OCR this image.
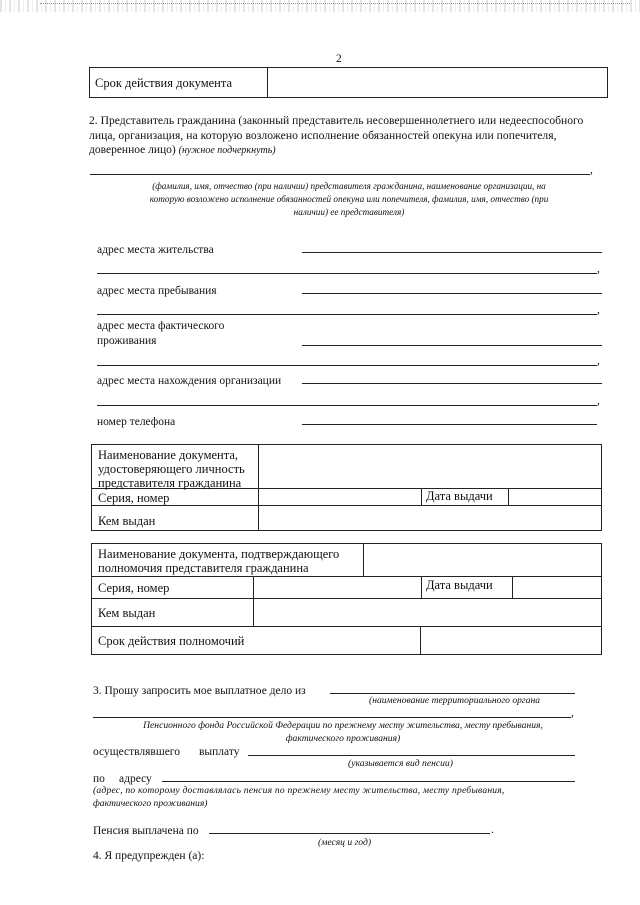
2
Срок действия документа
2. Представитель гражданина (законный представитель несовершеннолетнего или недееспособного
лица, организация, на которую возложено исполнение обязанностей опекуна или попечителя,
доверенное лицо) (нужное подчеркнуть)
,
(фамилия, имя, отчество (при наличии) представителя гражданина, наименование организации, на
которую возложено исполнение обязанностей опекуна или попечителя, фамилия, имя, отчество (при
наличии) ее представителя)
адрес места жительства
,
адрес места пребывания
,
адрес места фактического
проживания
,
адрес места нахождения организации
,
номер телефона
Наименование документа,
удостоверяющего личность
представителя гражданина
Серия, номер	Дата выдачи
Кем выдан
Наименование документа, подтверждающего
полномочия представителя гражданина
Серия, номер	Дата выдачи
Кем выдан
Срок действия полномочий
3. Прошу запросить мое выплатное дело из
(наименование территориального органа
,
Пенсионного фонда Российской Федерации по прежнему месту жительства, месту пребывания,
фактического проживания)
осуществлявшего выплату
(указывается вид пенсии)
по адресу
(адрес, по которому доставлялась пенсия по прежнему месту жительства, месту пребывания,
фактического проживания)
Пенсия выплачена по	.
(месяц и год)
4. Я предупрежден (а):
